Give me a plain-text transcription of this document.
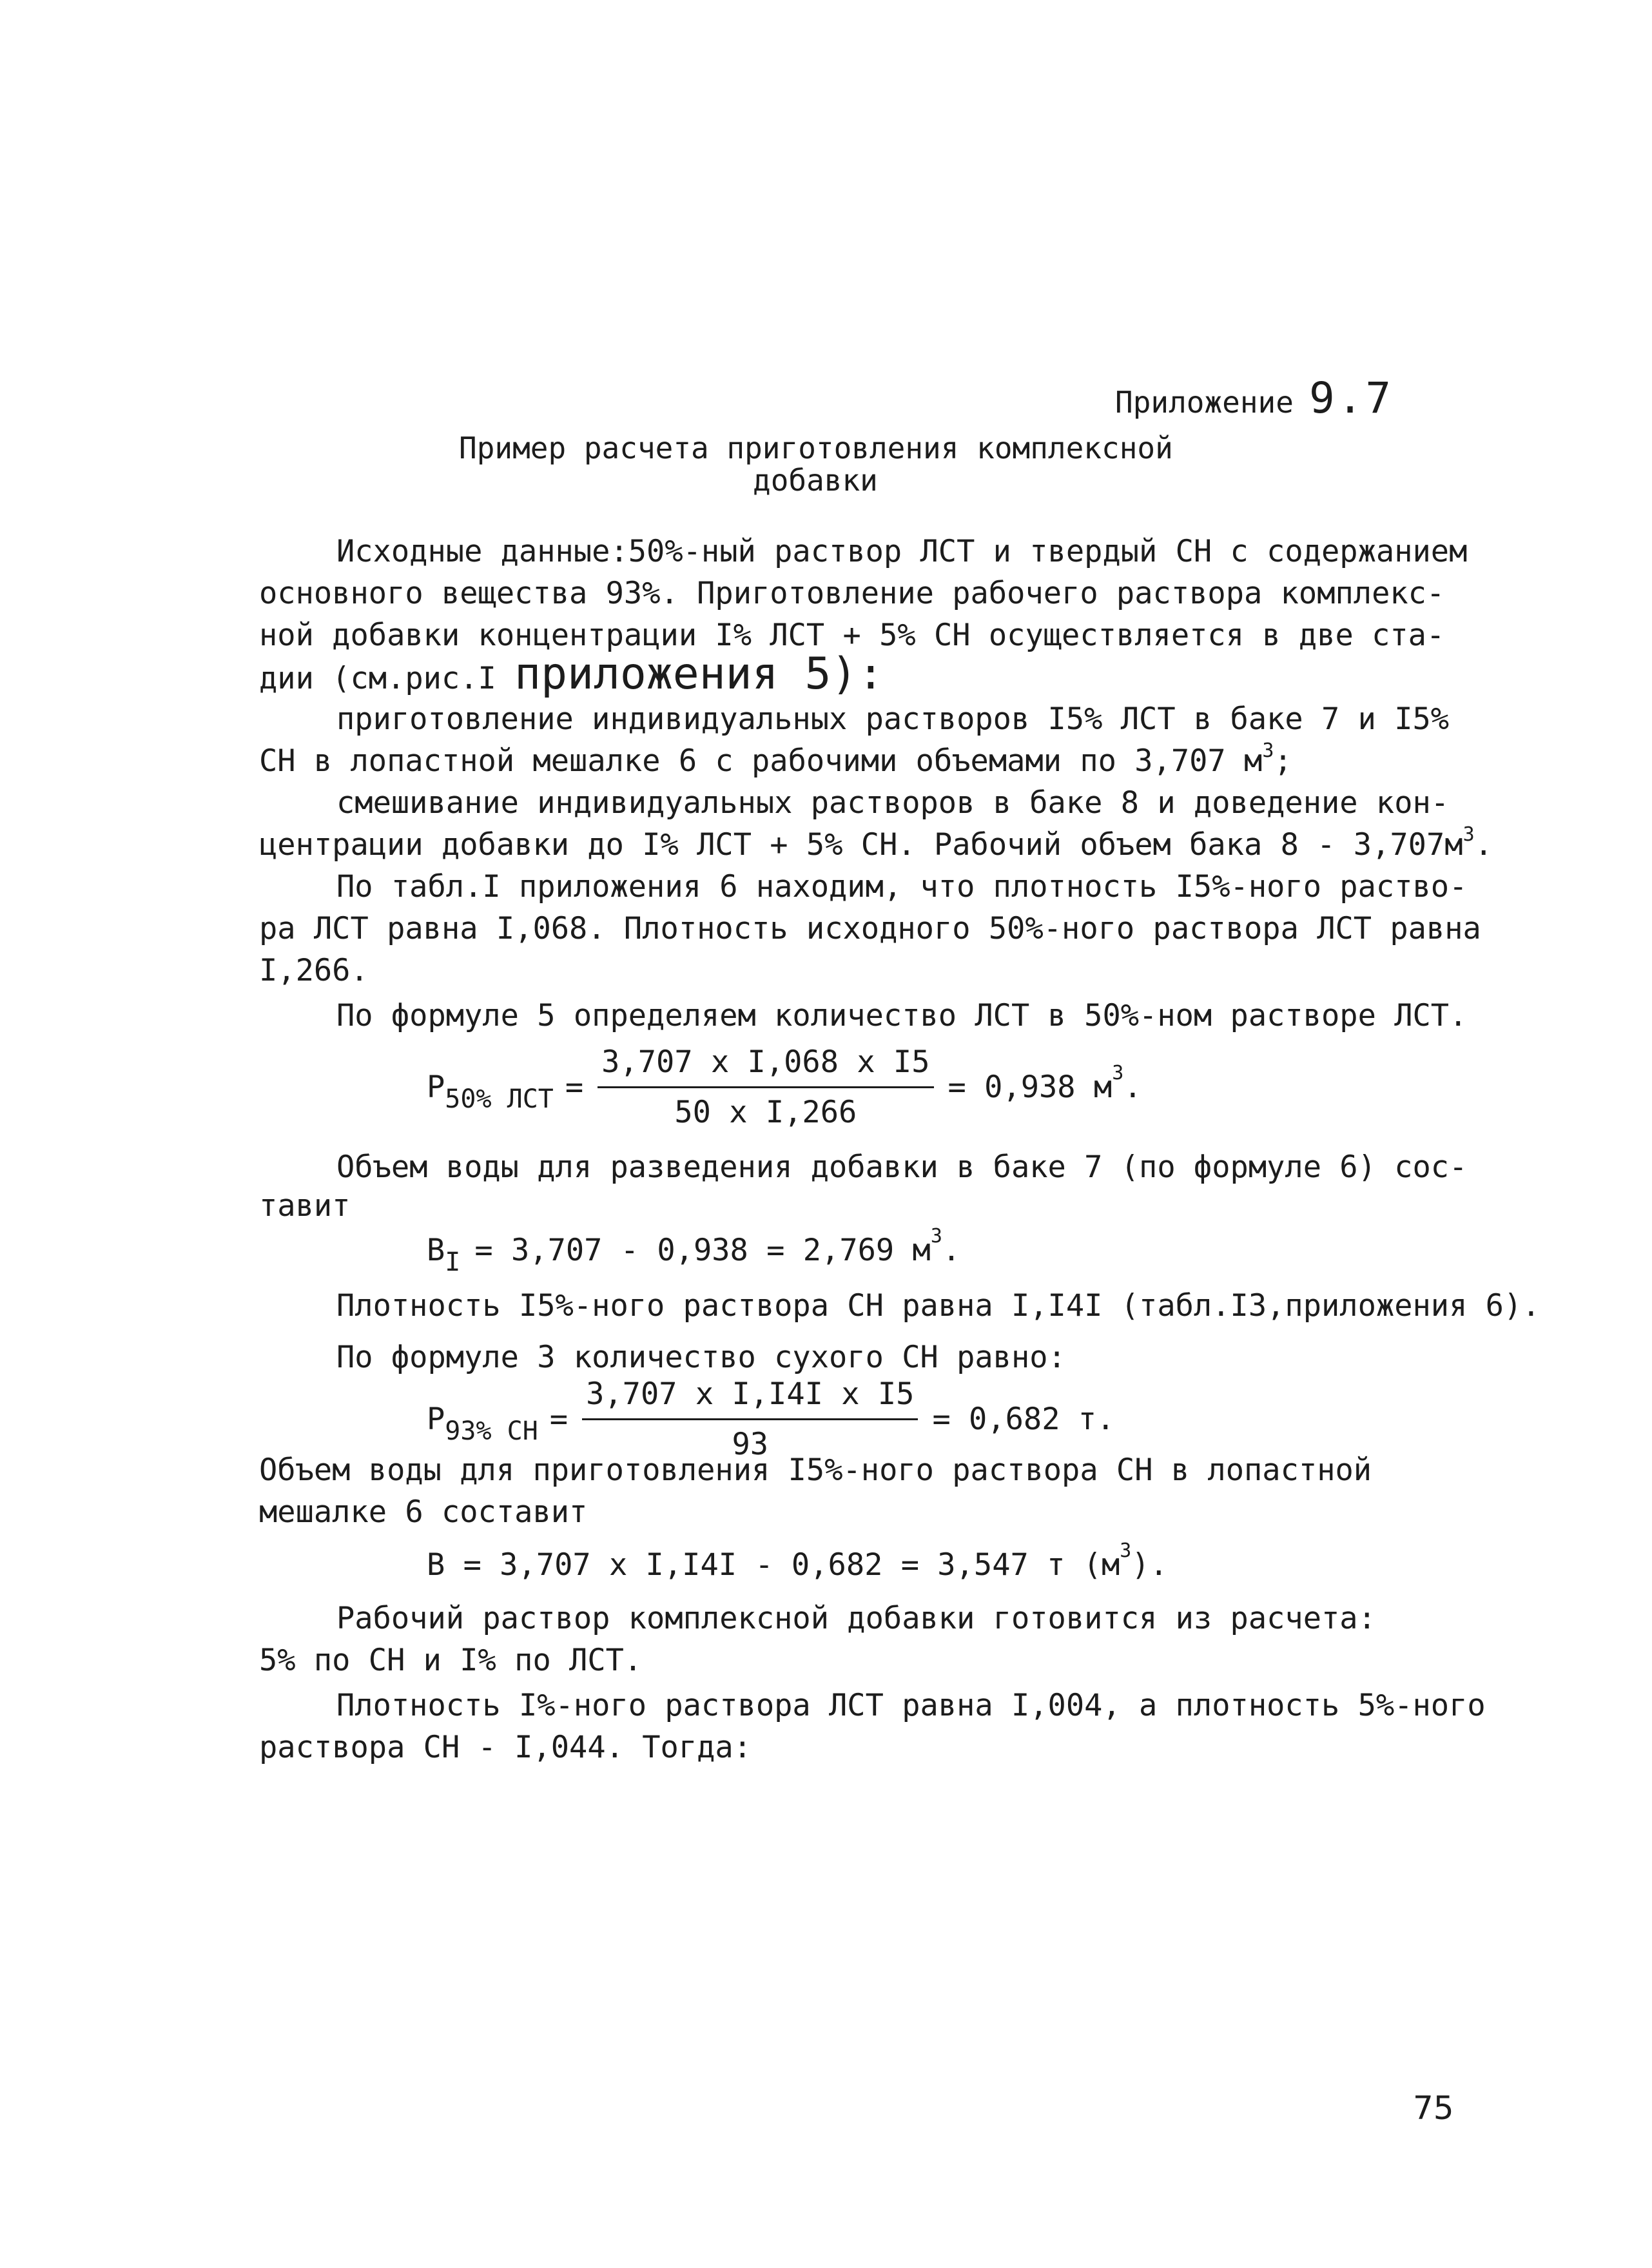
Приложение 9.7
Пример расчета приготовления комплексной
добавки
Исходные данные:50%-ный раствор ЛСТ и твердый СН с содержанием
основного вещества 93%. Приготовление рабочего раствора комплекс-
ной добавки концентрации I% ЛСТ + 5% СН осуществляется в две ста-
дии (см.рис.I приложения 5):
приготовление индивидуальных растворов I5% ЛСТ в баке 7 и I5%
СН в лопастной мешалке 6 с рабочими объемами по 3,707 $м^3$;
смешивание индивидуальных растворов в баке 8 и доведение кон-
центрации добавки до I% ЛСТ + 5% СН. Рабочий объем бака $8 - 3,707м^3$.
По табл.I приложения 6 находим, что плотность I5%-ного раство-
ра ЛСТ равна I,068. Плотность исходного 50%-ного раствора ЛСТ равна
I,266.
По формуле 5 определяем количество ЛСТ в 50%-ном растворе ЛСТ.
P 50% ЛСТ = $\frac{\text{3,707 x I,068 x I5}}{\text{50 x I,266}} = 0,938$ $м^3$ .
Объем воды для разведения добавки в баке 7 (по формуле 6) сос-
тавит
B I = 3,707 - 0,938 = 2,769 $м^3$ .
Плотность I5%-ного раствора СН равна I,I4I (табл.I3,приложения 6).
По формуле 3 количество сухого СН равно:
P 93% СН = $\frac{\text{3,707 x I,I4I x I5}}{93} = 0,682$ т.
Объем воды для приготовления I5%-ного раствора СН в лопастной
мешалке 6 составит
B = 3,707 x I,I4I - 0,682 = 3,547 т ($м^3$ ).
Рабочий раствор комплексной добавки готовится из расчета:
5% по СН и I% по ЛСТ.
Плотность I%-ного раствора ЛСТ равна I,004, а плотность 5%-ного
раствора СН - I,044. Тогда:
75
